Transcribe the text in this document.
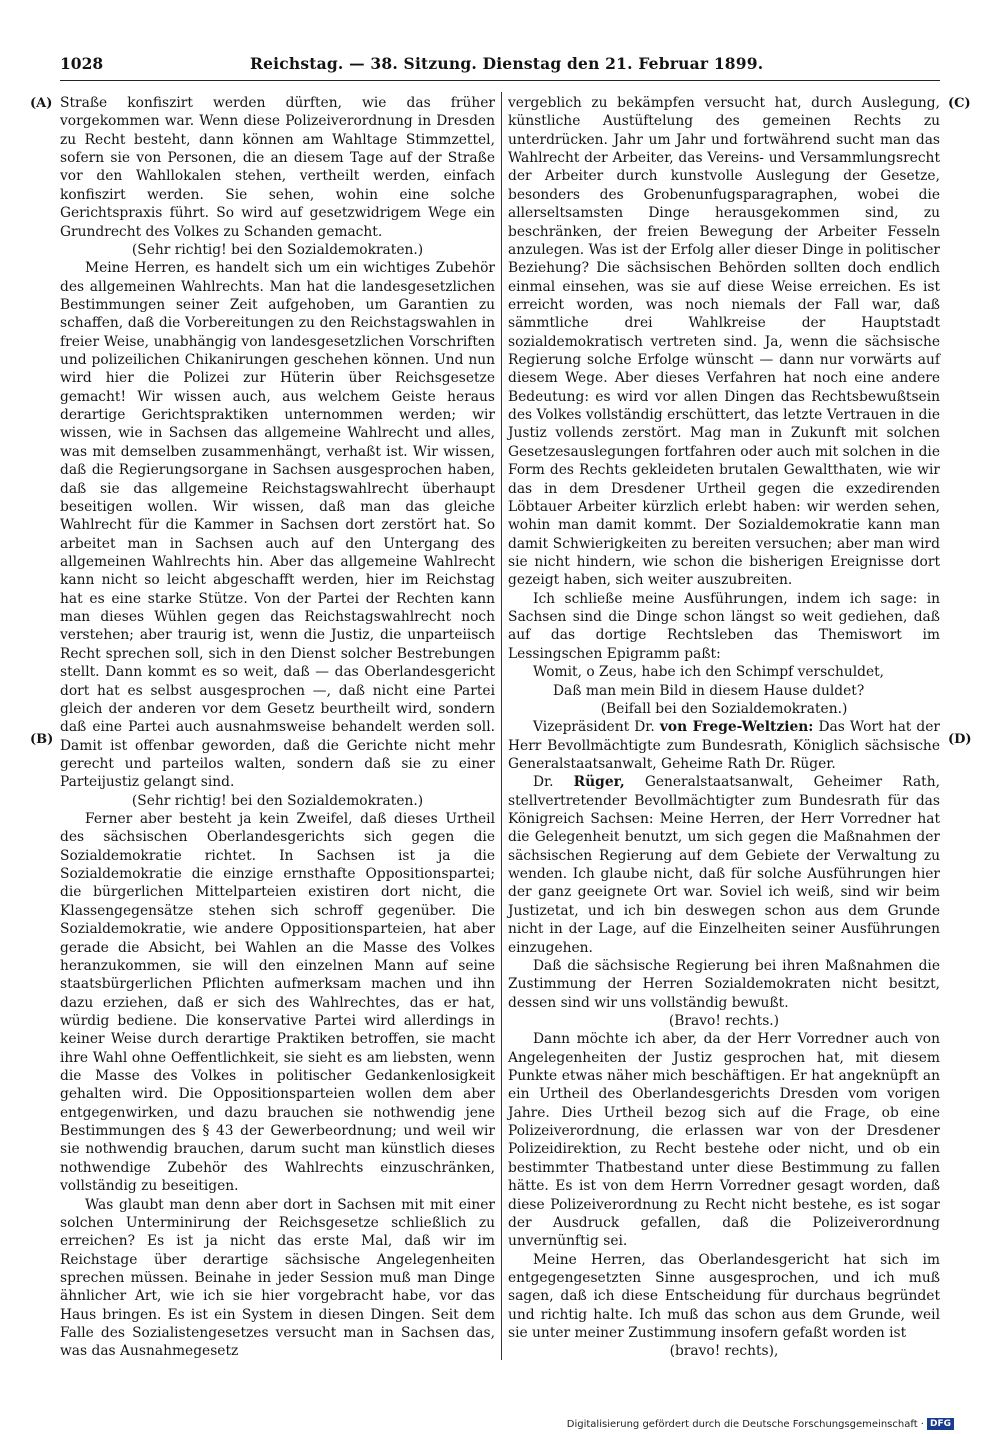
1028	Reichstag. — 38. Sitzung. Dienstag den 21. Februar 1899.
(A)
(B)
(C)
(D)

Straße konfiszirt werden dürften, wie das früher vorgekommen war. Wenn diese Polizeiverordnung in Dresden zu Recht besteht, dann können am Wahltage Stimmzettel, sofern sie von Personen, die an diesem Tage auf der Straße vor den Wahllokalen stehen, vertheilt werden, einfach konfiszirt werden. Sie sehen, wohin eine solche Gerichtspraxis führt. So wird auf gesetzwidrigem Wege ein Grundrecht des Volkes zu Schanden gemacht.

(Sehr richtig! bei den Sozialdemokraten.)

Meine Herren, es handelt sich um ein wichtiges Zubehör des allgemeinen Wahlrechts. Man hat die landesgesetzlichen Bestimmungen seiner Zeit aufgehoben, um Garantien zu schaffen, daß die Vorbereitungen zu den Reichstagswahlen in freier Weise, unabhängig von landesgesetzlichen Vorschriften und polizeilichen Chikanirungen geschehen können. Und nun wird hier die Polizei zur Hüterin über Reichsgesetze gemacht! Wir wissen auch, aus welchem Geiste heraus derartige Gerichtspraktiken unternommen werden; wir wissen, wie in Sachsen das allgemeine Wahlrecht und alles, was mit demselben zusammenhängt, verhaßt ist. Wir wissen, daß die Regierungsorgane in Sachsen ausgesprochen haben, daß sie das allgemeine Reichstagswahlrecht überhaupt beseitigen wollen. Wir wissen, daß man das gleiche Wahlrecht für die Kammer in Sachsen dort zerstört hat. So arbeitet man in Sachsen auch auf den Untergang des allgemeinen Wahlrechts hin. Aber das allgemeine Wahlrecht kann nicht so leicht abgeschafft werden, hier im Reichstag hat es eine starke Stütze. Von der Partei der Rechten kann man dieses Wühlen gegen das Reichstagswahlrecht noch verstehen; aber traurig ist, wenn die Justiz, die unparteiisch Recht sprechen soll, sich in den Dienst solcher Bestrebungen stellt. Dann kommt es so weit, daß — das Oberlandesgericht dort hat es selbst ausgesprochen —, daß nicht eine Partei gleich der anderen vor dem Gesetz beurtheilt wird, sondern daß eine Partei auch ausnahmsweise behandelt werden soll. Damit ist offenbar geworden, daß die Gerichte nicht mehr gerecht und parteilos walten, sondern daß sie zu einer Parteijustiz gelangt sind.

(Sehr richtig! bei den Sozialdemokraten.)

Ferner aber besteht ja kein Zweifel, daß dieses Urtheil des sächsischen Oberlandesgerichts sich gegen die Sozialdemokratie richtet. In Sachsen ist ja die Sozialdemokratie die einzige ernsthafte Oppositionspartei; die bürgerlichen Mittelparteien existiren dort nicht, die Klassengegensätze stehen sich schroff gegenüber. Die Sozialdemokratie, wie andere Oppositionsparteien, hat aber gerade die Absicht, bei Wahlen an die Masse des Volkes heranzukommen, sie will den einzelnen Mann auf seine staatsbürgerlichen Pflichten aufmerksam machen und ihn dazu erziehen, daß er sich des Wahlrechtes, das er hat, würdig bediene. Die konservative Partei wird allerdings in keiner Weise durch derartige Praktiken betroffen, sie macht ihre Wahl ohne Oeffentlichkeit, sie sieht es am liebsten, wenn die Masse des Volkes in politischer Gedankenlosigkeit gehalten wird. Die Oppositionsparteien wollen dem aber entgegenwirken, und dazu brauchen sie nothwendig jene Bestimmungen des § 43 der Gewerbeordnung; und weil wir sie nothwendig brauchen, darum sucht man künstlich dieses nothwendige Zubehör des Wahlrechts einzuschränken, vollständig zu beseitigen.

Was glaubt man denn aber dort in Sachsen mit mit einer solchen Unterminirung der Reichsgesetze schließlich zu erreichen? Es ist ja nicht das erste Mal, daß wir im Reichstage über derartige sächsische Angelegenheiten sprechen müssen. Beinahe in jeder Session muß man Dinge ähnlicher Art, wie ich sie hier vorgebracht habe, vor das Haus bringen. Es ist ein System in diesen Dingen. Seit dem Falle des Sozialistengesetzes versucht man in Sachsen das, was das Ausnahmegesetz

vergeblich zu bekämpfen versucht hat, durch Auslegung, künstliche Austüftelung des gemeinen Rechts zu unterdrücken. Jahr um Jahr und fortwährend sucht man das Wahlrecht der Arbeiter, das Vereins- und Versammlungsrecht der Arbeiter durch kunstvolle Auslegung der Gesetze, besonders des Grobenunfugsparagraphen, wobei die allerseltsamsten Dinge herausgekommen sind, zu beschränken, der freien Bewegung der Arbeiter Fesseln anzulegen. Was ist der Erfolg aller dieser Dinge in politischer Beziehung? Die sächsischen Behörden sollten doch endlich einmal einsehen, was sie auf diese Weise erreichen. Es ist erreicht worden, was noch niemals der Fall war, daß sämmtliche drei Wahlkreise der Hauptstadt sozialdemokratisch vertreten sind. Ja, wenn die sächsische Regierung solche Erfolge wünscht — dann nur vorwärts auf diesem Wege. Aber dieses Verfahren hat noch eine andere Bedeutung: es wird vor allen Dingen das Rechtsbewußtsein des Volkes vollständig erschüttert, das letzte Vertrauen in die Justiz vollends zerstört. Mag man in Zukunft mit solchen Gesetzesauslegungen fortfahren oder auch mit solchen in die Form des Rechts gekleideten brutalen Gewaltthaten, wie wir das in dem Dresdener Urtheil gegen die exzedirenden Löbtauer Arbeiter kürzlich erlebt haben: wir werden sehen, wohin man damit kommt. Der Sozialdemokratie kann man damit Schwierigkeiten zu bereiten versuchen; aber man wird sie nicht hindern, wie schon die bisherigen Ereignisse dort gezeigt haben, sich weiter auszubreiten.

Ich schließe meine Ausführungen, indem ich sage: in Sachsen sind die Dinge schon längst so weit gediehen, daß auf das dortige Rechtsleben das Themiswort im Lessingschen Epigramm paßt:

Womit, o Zeus, habe ich den Schimpf verschuldet,

Daß man mein Bild in diesem Hause duldet?

(Beifall bei den Sozialdemokraten.)

Vizepräsident Dr. von Frege-Weltzien: Das Wort hat der Herr Bevollmächtigte zum Bundesrath, Königlich sächsische Generalstaatsanwalt, Geheime Rath Dr. Rüger.

Dr. Rüger, Generalstaatsanwalt, Geheimer Rath, stellvertretender Bevollmächtigter zum Bundesrath für das Königreich Sachsen: Meine Herren, der Herr Vorredner hat die Gelegenheit benutzt, um sich gegen die Maßnahmen der sächsischen Regierung auf dem Gebiete der Verwaltung zu wenden. Ich glaube nicht, daß für solche Ausführungen hier der ganz geeignete Ort war. Soviel ich weiß, sind wir beim Justizetat, und ich bin deswegen schon aus dem Grunde nicht in der Lage, auf die Einzelheiten seiner Ausführungen einzugehen.

Daß die sächsische Regierung bei ihren Maßnahmen die Zustimmung der Herren Sozialdemokraten nicht besitzt, dessen sind wir uns vollständig bewußt.

(Bravo! rechts.)

Dann möchte ich aber, da der Herr Vorredner auch von Angelegenheiten der Justiz gesprochen hat, mit diesem Punkte etwas näher mich beschäftigen. Er hat angeknüpft an ein Urtheil des Oberlandesgerichts Dresden vom vorigen Jahre. Dies Urtheil bezog sich auf die Frage, ob eine Polizeiverordnung, die erlassen war von der Dresdener Polizeidirektion, zu Recht bestehe oder nicht, und ob ein bestimmter Thatbestand unter diese Bestimmung zu fallen hätte. Es ist von dem Herrn Vorredner gesagt worden, daß diese Polizeiverordnung zu Recht nicht bestehe, es ist sogar der Ausdruck gefallen, daß die Polizeiverordnung unvernünftig sei.

Meine Herren, das Oberlandesgericht hat sich im entgegengesetzten Sinne ausgesprochen, und ich muß sagen, daß ich diese Entscheidung für durchaus begründet und richtig halte. Ich muß das schon aus dem Grunde, weil sie unter meiner Zustimmung insofern gefaßt worden ist

(bravo! rechts),

Digitalisierung gefördert durch die Deutsche Forschungsgemeinschaft · DFG
